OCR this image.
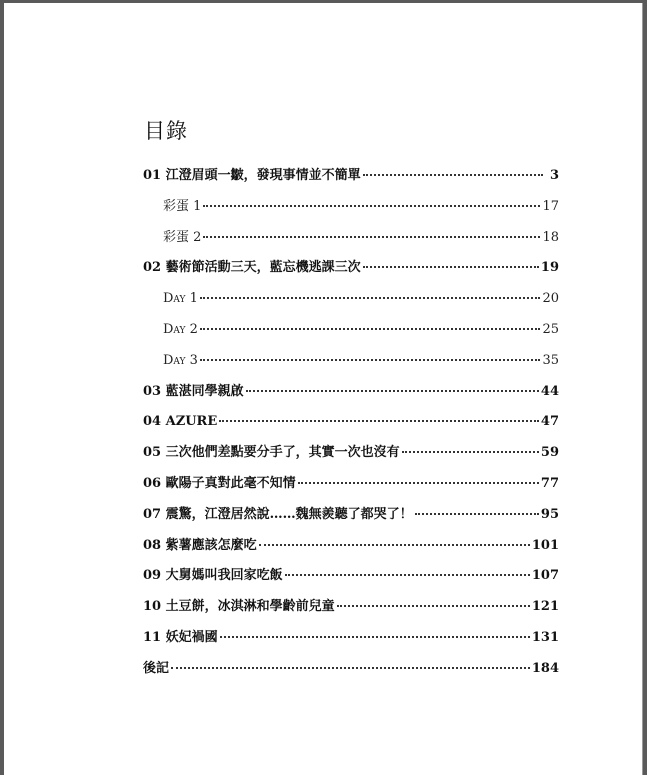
目錄
01 江澄眉頭一皺，發現事情並不簡單	3
彩蛋 1	17
彩蛋 2	18
02 藝術節活動三天，藍忘機逃課三次	19
Day 1	20
Day 2	25
Day 3	35
03 藍湛同學親啟	44
04 AZURE	47
05 三次他們差點要分手了，其實一次也沒有	59
06 歐陽子真對此毫不知情	77
07 震驚，江澄居然說……魏無羨聽了都哭了！	95
08 紫薯應該怎麼吃	101
09 大舅媽叫我回家吃飯	107
10 土豆餅，冰淇淋和學齡前兒童	121
11 妖妃禍國	131
後記	184
